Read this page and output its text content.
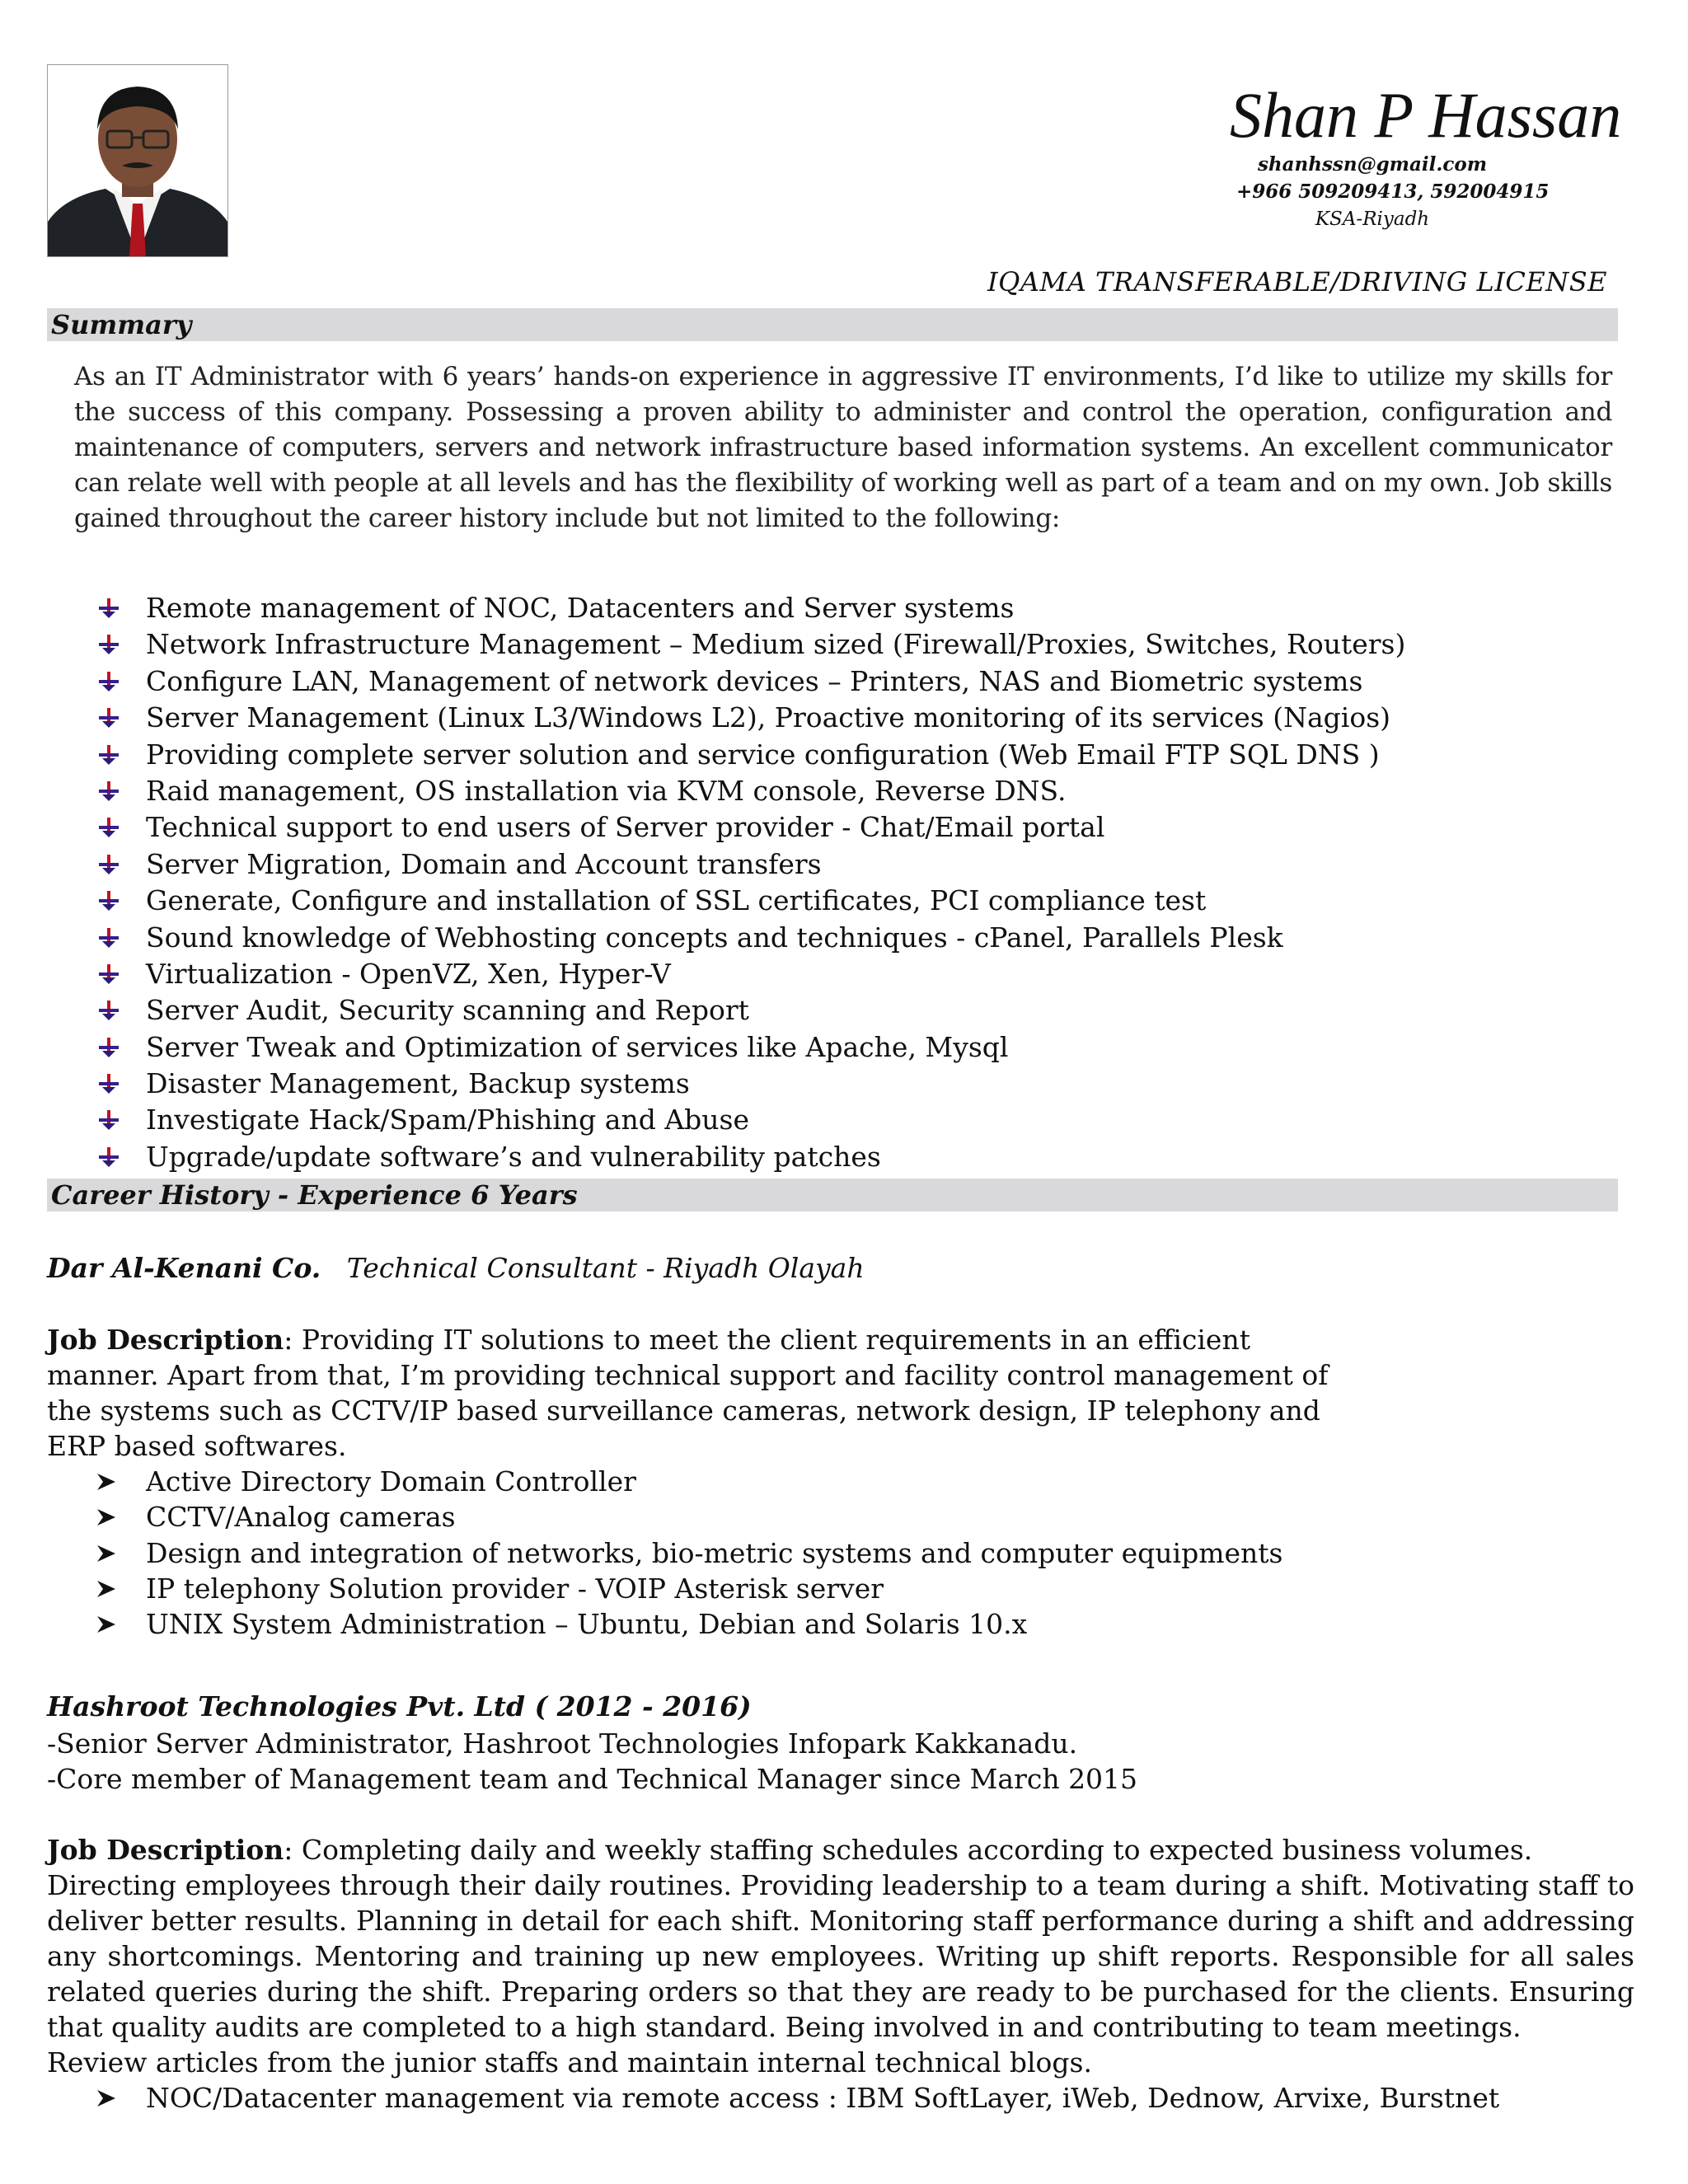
Shan P Hassan
shanhssn@gmail.com
+966 509209413, 592004915
KSA-Riyadh
IQAMA TRANSFERABLE/DRIVING LICENSE
Summary
As an IT Administrator with 6 years’ hands-on experience in aggressive IT environments, I’d like to utilize my skills for the success of this company. Possessing a proven ability to administer and control the operation, configuration and maintenance of computers, servers and network infrastructure based information systems. An excellent communicator can relate well with people at all levels and has the flexibility of working well as part of a team and on my own. Job skills gained throughout the career history include but not limited to the following:
Remote management of NOC, Datacenters and Server systems
Network Infrastructure Management – Medium sized (Firewall/Proxies, Switches, Routers)
Configure LAN, Management of network devices – Printers, NAS and Biometric systems
Server Management (Linux L3/Windows L2), Proactive monitoring of its services (Nagios)
Providing complete server solution and service configuration (Web Email FTP SQL DNS )
Raid management, OS installation via KVM console, Reverse DNS.
Technical support to end users of Server provider - Chat/Email portal
Server Migration, Domain and Account transfers
Generate, Configure and installation of SSL certificates, PCI compliance test
Sound knowledge of Webhosting concepts and techniques - cPanel, Parallels Plesk
Virtualization - OpenVZ, Xen, Hyper-V
Server Audit, Security scanning and Report
Server Tweak and Optimization of services like Apache, Mysql
Disaster Management, Backup systems
Investigate Hack/Spam/Phishing and Abuse
Upgrade/update software’s and vulnerability patches
Career History - Experience 6 Years
Dar Al-Kenani Co. Technical Consultant - Riyadh Olayah
Job Description: Providing IT solutions to meet the client requirements in an efficient
manner. Apart from that, I’m providing technical support and facility control management of
the systems such as CCTV/IP based surveillance cameras, network design, IP telephony and
ERP based softwares.
Active Directory Domain Controller
CCTV/Analog cameras
Design and integration of networks, bio-metric systems and computer equipments
IP telephony Solution provider - VOIP Asterisk server
UNIX System Administration – Ubuntu, Debian and Solaris 10.x
Hashroot Technologies Pvt. Ltd ( 2012 - 2016)
-Senior Server Administrator, Hashroot Technologies Infopark Kakkanadu.
-Core member of Management team and Technical Manager since March 2015
Job Description: Completing daily and weekly staffing schedules according to expected business volumes.
Directing employees through their daily routines. Providing leadership to a team during a shift. Motivating staff to deliver better results. Planning in detail for each shift. Monitoring staff performance during a shift and addressing any shortcomings. Mentoring and training up new employees. Writing up shift reports. Responsible for all sales related queries during the shift. Preparing orders so that they are ready to be purchased for the clients. Ensuring that quality audits are completed to a high standard. Being involved in and contributing to team meetings.
Review articles from the junior staffs and maintain internal technical blogs.
NOC/Datacenter management via remote access : IBM SoftLayer, iWeb, Dednow, Arvixe, Burstnet
